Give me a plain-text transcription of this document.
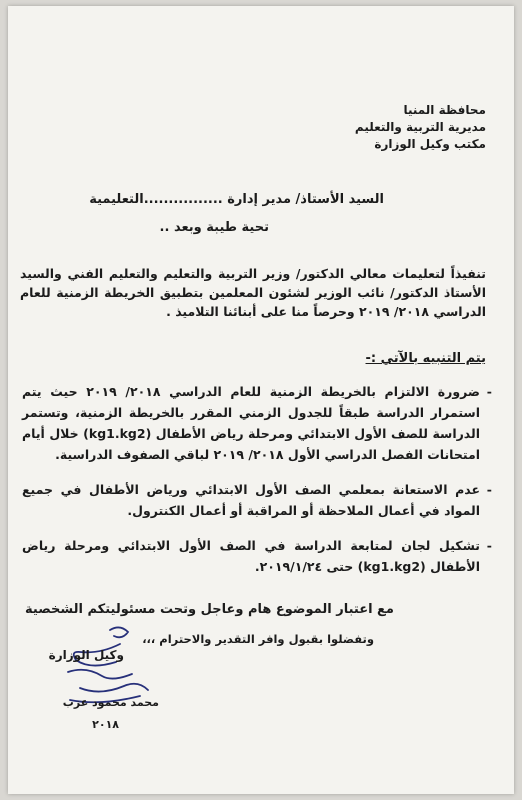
محافظة المنيا
مديرية التربية والتعليم
مكتب وكيل الوزارة
السيد الأستاذ/ مدير إدارة ................التعليمية
تحية طيبة وبعد ..
تنفيذاً لتعليمات معالي الدكتور/ وزير التربية والتعليم والتعليم الفني والسيد الأستاذ الدكتور/ نائب الوزير لشئون المعلمين بتطبيق الخريطة الزمنية للعام الدراسي ٢٠١٨/ ٢٠١٩ وحرصاً منا على أبنائنا التلاميذ .
يتم التنبيه بالآتي :-
-
ضرورة الالتزام بالخريطة الزمنية للعام الدراسي ٢٠١٨/ ٢٠١٩ حيث يتم استمرار الدراسة طبقاً للجدول الزمني المقرر بالخريطة الزمنية، وتستمر الدراسة للصف الأول الابتدائي ومرحلة رياض الأطفال (kg1.kg2) خلال أيام امتحانات الفصل الدراسي الأول ٢٠١٨/ ٢٠١٩ لباقي الصفوف الدراسية.
-
عدم الاستعانة بمعلمي الصف الأول الابتدائي ورياض الأطفال في جميع المواد في أعمال الملاحظة أو المراقبة أو أعمال الكنترول.
-
تشكيل لجان لمتابعة الدراسة في الصف الأول الابتدائي ومرحلة رياض الأطفال (kg1.kg2) حتى ٢٠١٩/١/٢٤.
مع اعتبار الموضوع هام وعاجل وتحت مسئوليتكم الشخصية
وتفضلوا بقبول وافر التقدير والاحترام ،،،
وكيل الوزارة
محمد محمود عزب
٢٠١٨
